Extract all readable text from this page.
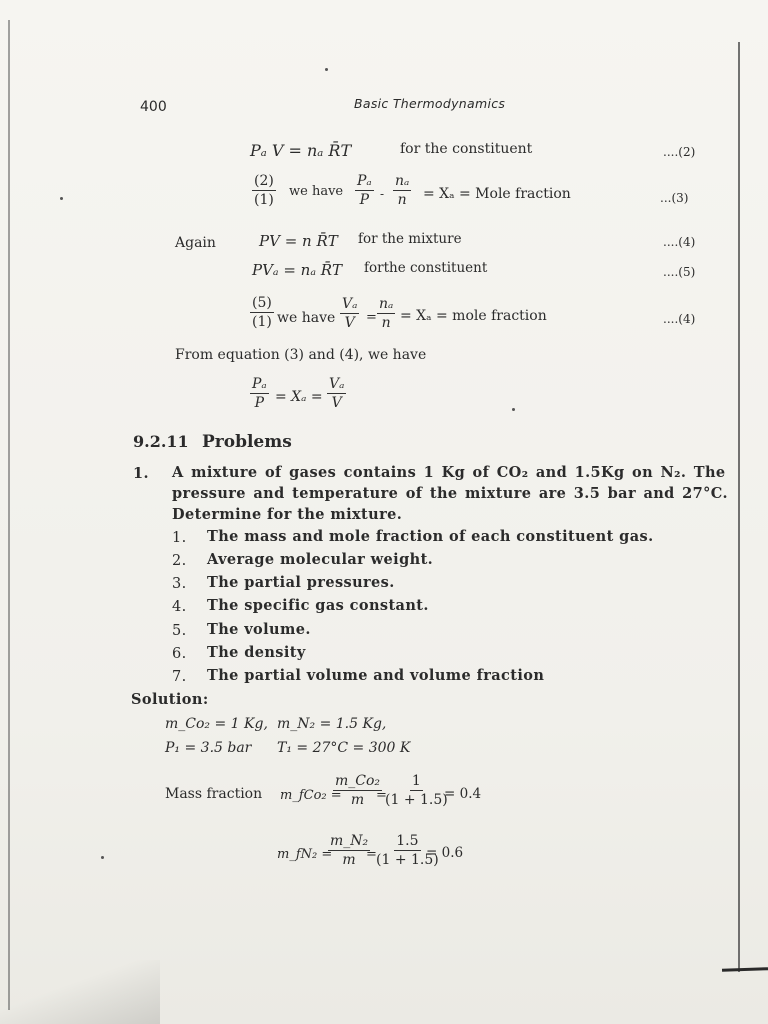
400	Basic Thermodynamics
Pₐ V = nₐ R̄T	for the constituent	....(2)
$\frac{(2)}{(1)}$ we have $\frac{\text{Pₐ}}{P} - \frac{\text{nₐ}}{n} = X_a$ = Mole fraction	...(3)
Again	PV = n R̄T for the mixture	....(4)
PVₐ = nₐ R̄T forthe constituent	....(5)
$\frac{(5)}{(1)}$ we have $\frac{\text{Vₐ}}{V} = \frac{\text{nₐ}}{n} = X_a$ = mole fraction	....(4)
From equation (3) and (4), we have
$\frac{\text{Pₐ}}{P} = X_a = \frac{\text{Vₐ}}{V}$
9.2.11 Problems
1. A mixture of gases contains 1 Kg of CO₂ and 1.5Kg on N₂. The
pressure and temperature of the mixture are 3.5 bar and 27°C.
Determine for the mixture.
1. The mass and mole fraction of each constituent gas.
2. Average molecular weight.
3. The partial pressures.
4. The specific gas constant.
5. The volume.
6. The density
7. The partial volume and volume fraction
Solution:
m_Co₂ = 1 Kg, m_N₂ = 1.5 Kg,
P₁ = 3.5 bar T₁ = 27°C = 300 K
Mass fraction m_fCo₂ =
$\frac{\text{m\_Co₂}}{m}$
=
$\frac{1}{(1 + 1.5)}$
= 0.4
m_fN₂ =
$\frac{\text{m\_N₂}}{m}$
= $\frac{1.5}{(1 + 1.5)}$
= 0.6
